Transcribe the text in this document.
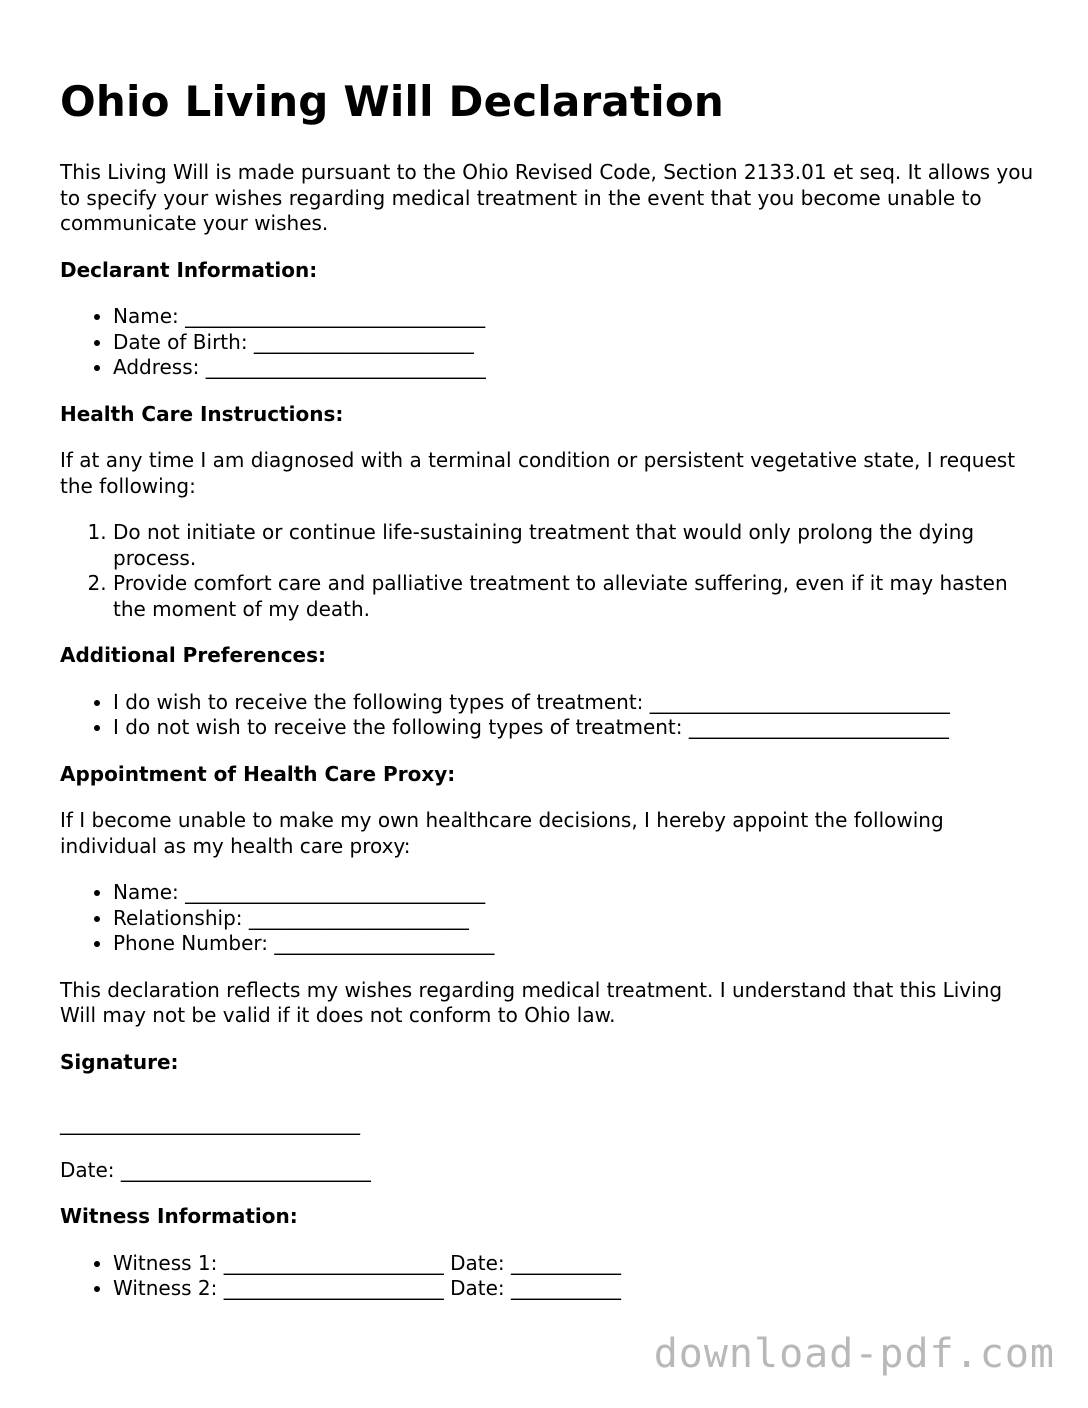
Ohio Living Will Declaration

This Living Will is made pursuant to the Ohio Revised Code, Section 2133.01 et seq. It allows you to specify your wishes regarding medical treatment in the event that you become unable to communicate your wishes.

Declarant Information:
• Name: ______________________________
• Date of Birth: ______________________
• Address: ____________________________
Health Care Instructions:

If at any time I am diagnosed with a terminal condition or persistent vegetative state, I request the following:

1. Do not initiate or continue life-sustaining treatment that would only prolong the dying process.
2. Provide comfort care and palliative treatment to alleviate suffering, even if it may hasten the moment of my death.
Additional Preferences:
• I do wish to receive the following types of treatment: ______________________________
• I do not wish to receive the following types of treatment: __________________________
Appointment of Health Care Proxy:

If I become unable to make my own healthcare decisions, I hereby appoint the following individual as my health care proxy:

• Name: ______________________________
• Relationship: ______________________
• Phone Number: ______________________

This declaration reflects my wishes regarding medical treatment. I understand that this Living Will may not be valid if it does not conform to Ohio law.

Signature:
______________________________
Date: _________________________
Witness Information:
• Witness 1: ______________________ Date: ___________
• Witness 2: ______________________ Date: ___________
download-pdf.com
